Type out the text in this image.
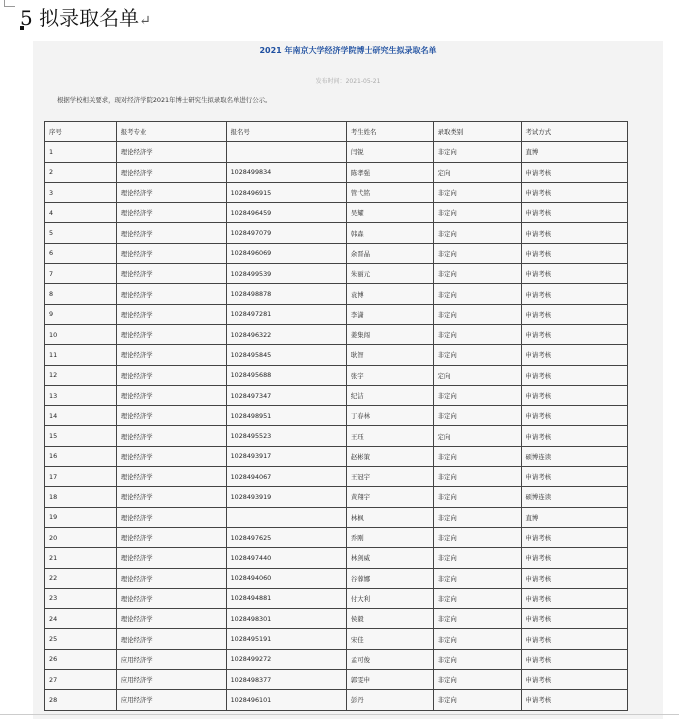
5 拟录取名单↵
2021 年南京大学经济学院博士研究生拟录取名单
发布时间：2021-05-21
根据学校相关要求，现对经济学院2021年博士研究生拟录取名单进行公示。
序号	报考专业	报名号	考生姓名	录取类别	考试方式
1	理论经济学		闫锐	非定向	直博
2	理论经济学	1028499834	陈孝强	定向	申请考核
3	理论经济学	1028496915	管弋铭	非定向	申请考核
4	理论经济学	1028496459	吴耀	非定向	申请考核
5	理论经济学	1028497079	韩森	非定向	申请考核
6	理论经济学	1028496069	余晋晶	非定向	申请考核
7	理论经济学	1028499539	朱丽元	非定向	申请考核
8	理论经济学	1028498878	袁博	非定向	申请考核
9	理论经济学	1028497281	李潇	非定向	申请考核
10	理论经济学	1028496322	姜集闯	非定向	申请考核
11	理论经济学	1028495845	耿智	非定向	申请考核
12	理论经济学	1028495688	张宇	定向	申请考核
13	理论经济学	1028497347	纪洁	非定向	申请考核
14	理论经济学	1028498951	丁春林	非定向	申请考核
15	理论经济学	1028495523	王珏	定向	申请考核
16	理论经济学	1028493917	赵彬策	非定向	硕博连读
17	理论经济学	1028494067	王冠宇	非定向	申请考核
18	理论经济学	1028493919	黄翔宇	非定向	硕博连读
19	理论经济学		林枫	非定向	直博
20	理论经济学	1028497625	乔刚	非定向	申请考核
21	理论经济学	1028497440	林剑威	非定向	申请考核
22	理论经济学	1028494060	谷蓉娜	非定向	申请考核
23	理论经济学	1028494881	付大利	非定向	申请考核
24	理论经济学	1028498301	侯毅	非定向	申请考核
25	理论经济学	1028495191	宋佳	非定向	申请考核
26	应用经济学	1028499272	孟可俊	非定向	申请考核
27	应用经济学	1028498377	郭雯申	非定向	申请考核
28	应用经济学	1028496101	彭丹	非定向	申请考核
